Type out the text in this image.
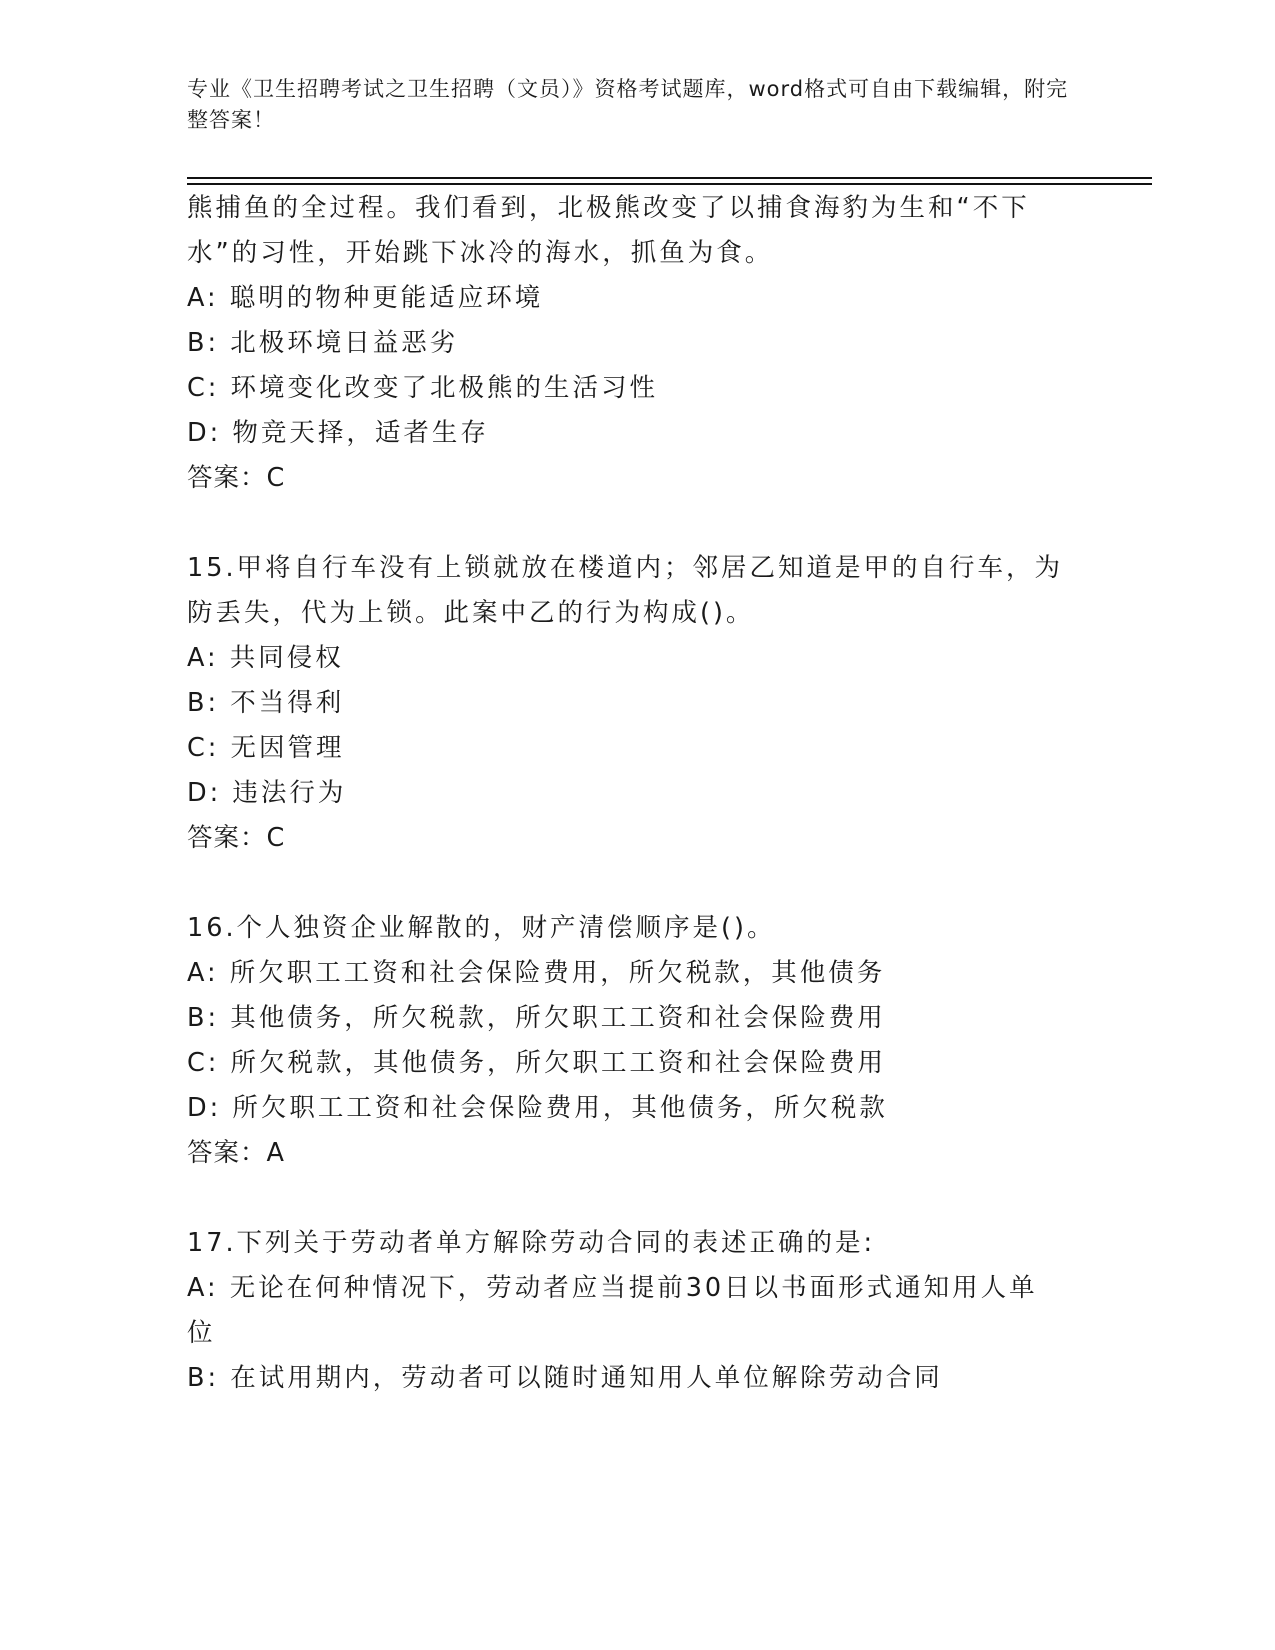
专业《卫生招聘考试之卫生招聘（文员）》资格考试题库，word格式可自由下载编辑，附完整答案！

熊捕鱼的全过程。我们看到，北极熊改变了以捕食海豹为生和“不下
水”的习性，开始跳下冰冷的海水，抓鱼为食。
A: 聪明的物种更能适应环境
B: 北极环境日益恶劣
C: 环境变化改变了北极熊的生活习性
D: 物竞天择，适者生存
答案：C
15.甲将自行车没有上锁就放在楼道内；邻居乙知道是甲的自行车，为
防丢失，代为上锁。此案中乙的行为构成()。
A: 共同侵权
B: 不当得利
C: 无因管理
D: 违法行为
答案：C
16.个人独资企业解散的，财产清偿顺序是()。
A: 所欠职工工资和社会保险费用，所欠税款，其他债务
B: 其他债务，所欠税款，所欠职工工资和社会保险费用
C: 所欠税款，其他债务，所欠职工工资和社会保险费用
D: 所欠职工工资和社会保险费用，其他债务，所欠税款
答案：A
17.下列关于劳动者单方解除劳动合同的表述正确的是:
A: 无论在何种情况下，劳动者应当提前30日以书面形式通知用人单
位
B: 在试用期内，劳动者可以随时通知用人单位解除劳动合同
